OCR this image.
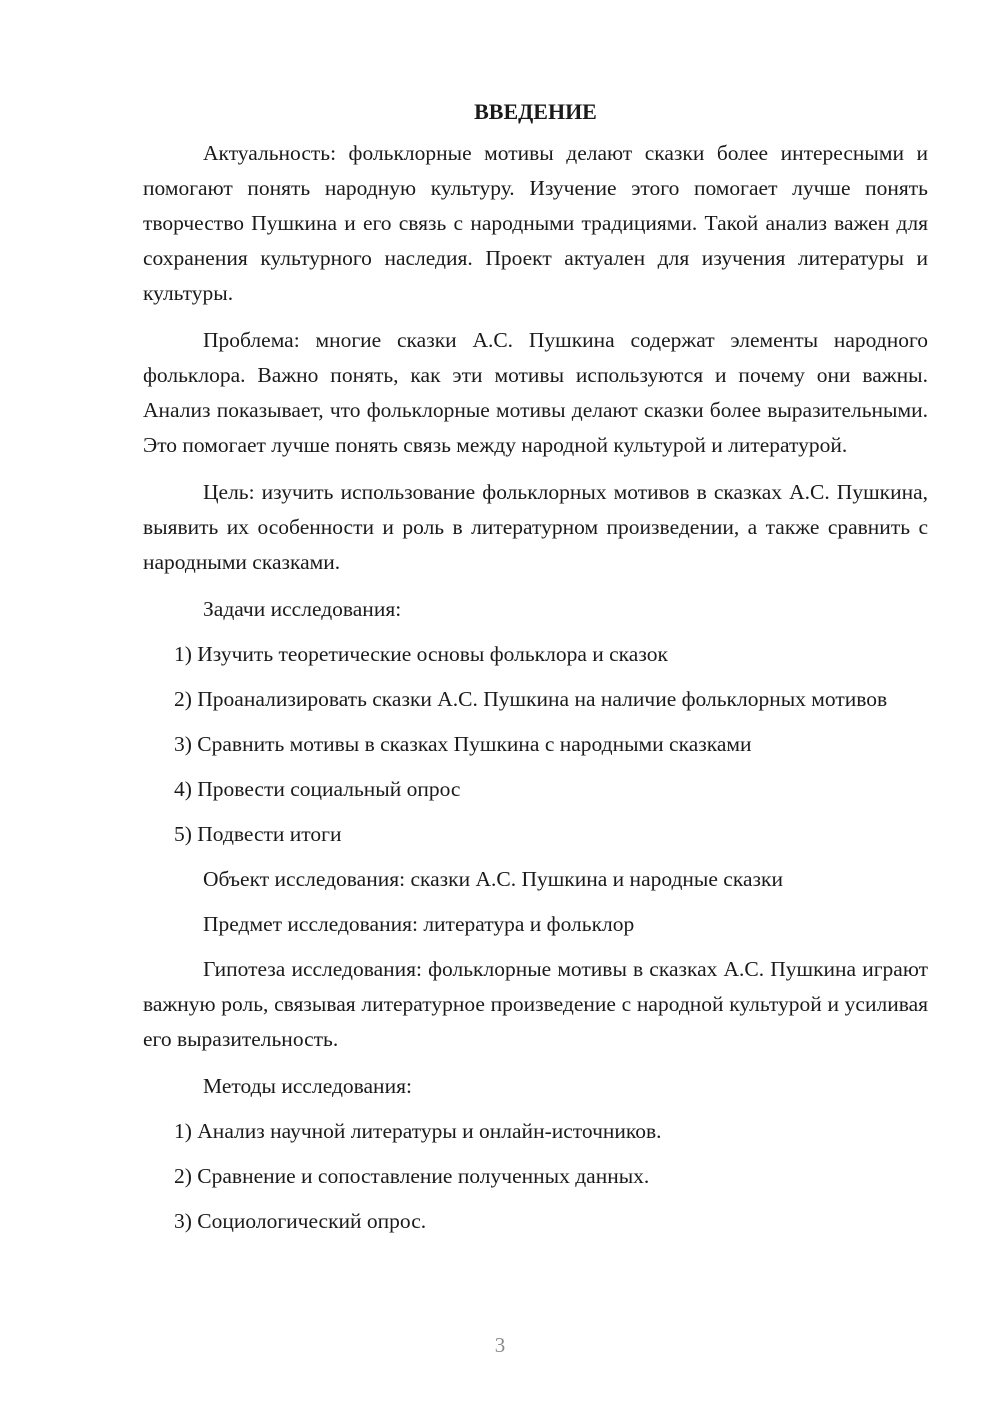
ВВЕДЕНИЕ

Актуальность: фольклорные мотивы делают сказки более интересными и помогают понять народную культуру. Изучение этого помогает лучше понять творчество Пушкина и его связь с народными традициями. Такой анализ важен для сохранения культурного наследия. Проект актуален для изучения литературы и культуры.

Проблема: многие сказки А.С. Пушкина содержат элементы народного фольклора. Важно понять, как эти мотивы используются и почему они важны. Анализ показывает, что фольклорные мотивы делают сказки более выразительными. Это помогает лучше понять связь между народной культурой и литературой.

Цель: изучить использование фольклорных мотивов в сказках А.С. Пушкина, выявить их особенности и роль в литературном произведении, а также сравнить с народными сказками.

Задачи исследования:

1) Изучить теоретические основы фольклора и сказок

2) Проанализировать сказки А.С. Пушкина на наличие фольклорных мотивов

3) Сравнить мотивы в сказках Пушкина с народными сказками

4) Провести социальный опрос

5) Подвести итоги

Объект исследования: сказки А.С. Пушкина и народные сказки

Предмет исследования: литература и фольклор

Гипотеза исследования: фольклорные мотивы в сказках А.С. Пушкина играют важную роль, связывая литературное произведение с народной культурой и усиливая его выразительность.

Методы исследования:

1) Анализ научной литературы и онлайн-источников.

2) Сравнение и сопоставление полученных данных.

3) Социологический опрос.

3
